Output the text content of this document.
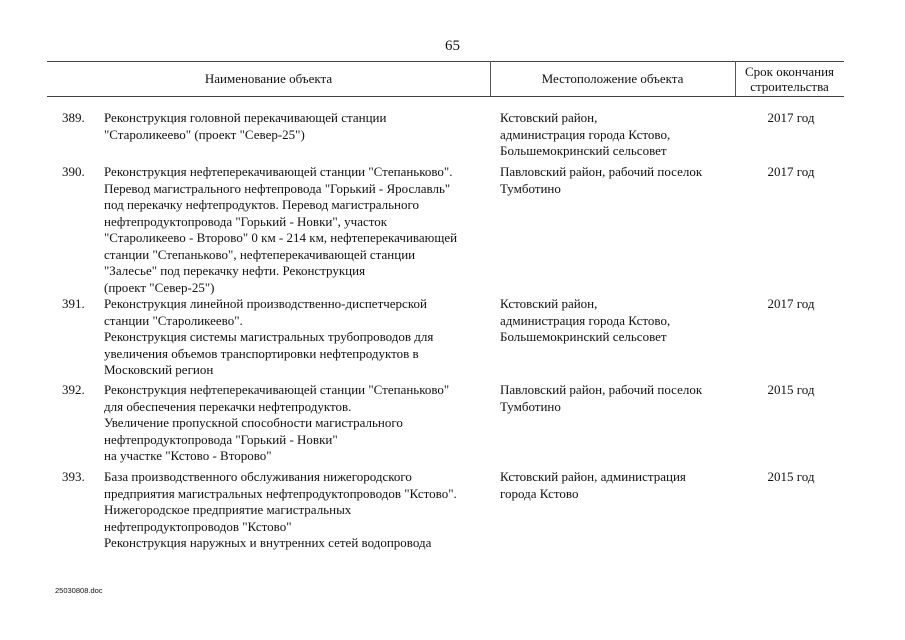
65
Наименование объекта	Местоположение объекта	Срок окончания
строительства
389. Реконструкция головной перекачивающей станции
"Староликеево" (проект "Север-25")
Кстовский район,
администрация города Кстово,
Большемокринский сельсовет
2017 год
390. Реконструкция нефтеперекачивающей станции "Степаньково".
Перевод магистрального нефтепровода "Горький - Ярославль"
под перекачку нефтепродуктов. Перевод магистрального
нефтепродуктопровода "Горький - Новки", участок
"Староликеево - Второво" 0 км - 214 км, нефтеперекачивающей
станции "Степаньково", нефтеперекачивающей станции
"Залесье" под перекачку нефти. Реконструкция
(проект "Север-25")
Павловский район, рабочий поселок
Тумботино
2017 год
391. Реконструкция линейной производственно-диспетчерской
станции "Староликеево".
Реконструкция системы магистральных трубопроводов для
увеличения объемов транспортировки нефтепродуктов в
Московский регион
Кстовский район,
администрация города Кстово,
Большемокринский сельсовет
2017 год
392. Реконструкция нефтеперекачивающей станции "Степаньково"
для обеспечения перекачки нефтепродуктов.
Увеличение пропускной способности магистрального
нефтепродуктопровода "Горький - Новки"
на участке "Кстово - Второво"
Павловский район, рабочий поселок
Тумботино
2015 год
393. База производственного обслуживания нижегородского
предприятия магистральных нефтепродуктопроводов "Кстово".
Нижегородское предприятие магистральных
нефтепродуктопроводов "Кстово"
Реконструкция наружных и внутренних сетей водопровода
Кстовский район, администрация
города Кстово
2015 год
25030808.doc
